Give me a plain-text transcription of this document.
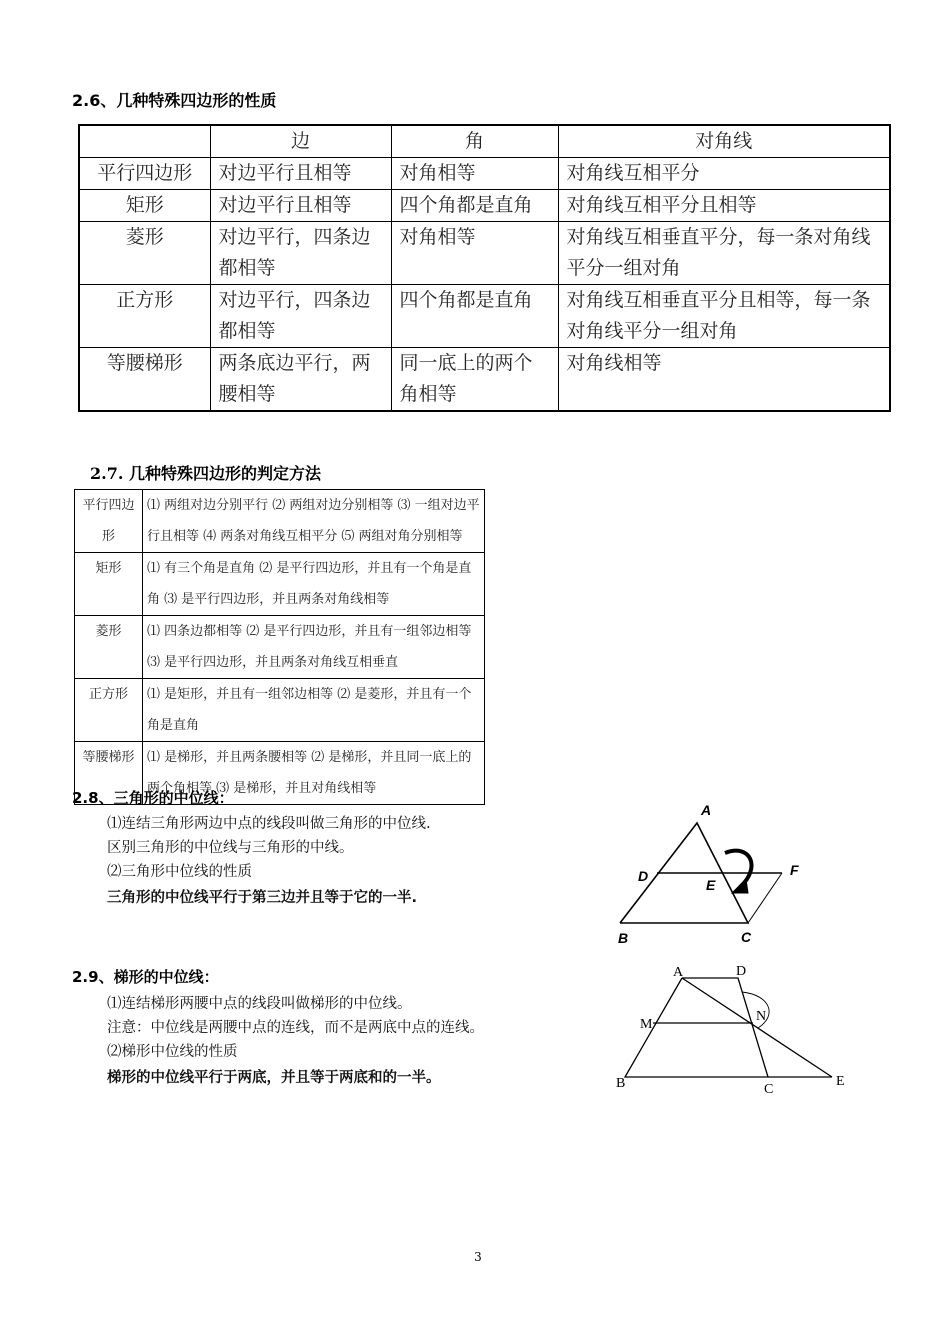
2.6、几种特殊四边形的性质
	边	角	对角线
平行四边形	对边平行且相等	对角相等	对角线互相平分
矩形	对边平行且相等	四个角都是直角	对角线互相平分且相等
菱形	对边平行，四条边都相等	对角相等	对角线互相垂直平分，每一条对角线平分一组对角
正方形	对边平行，四条边都相等	四个角都是直角	对角线互相垂直平分且相等，每一条对角线平分一组对角
等腰梯形	两条底边平行，两腰相等	同一底上的两个角相等	对角线相等
2.7. 几种特殊四边形的判定方法
平行四边形	⑴ 两组对边分别平行 ⑵ 两组对边分别相等 ⑶ 一组对边平行且相等 ⑷ 两条对角线互相平分 ⑸ 两组对角分别相等
矩形	⑴ 有三个角是直角 ⑵ 是平行四边形，并且有一个角是直角 ⑶ 是平行四边形，并且两条对角线相等
菱形	⑴ 四条边都相等 ⑵ 是平行四边形，并且有一组邻边相等 ⑶ 是平行四边形，并且两条对角线互相垂直
正方形	⑴ 是矩形，并且有一组邻边相等 ⑵ 是菱形，并且有一个角是直角
等腰梯形	⑴ 是梯形，并且两条腰相等 ⑵ 是梯形，并且同一底上的两个角相等 ⑶ 是梯形，并且对角线相等
2.8、三角形的中位线：
⑴连结三角形两边中点的线段叫做三角形的中位线.
区别三角形的中位线与三角形的中线。
⑵三角形中位线的性质
三角形的中位线平行于第三边并且等于它的一半.
A
D
E
F
B	C
2.9、梯形的中位线：
⑴连结梯形两腰中点的线段叫做梯形的中位线。
注意：中位线是两腰中点的连线，而不是两底中点的连线。
⑵梯形中位线的性质
梯形的中位线平行于两底，并且等于两底和的一半。
A	D
M
N
B	C
E
3
